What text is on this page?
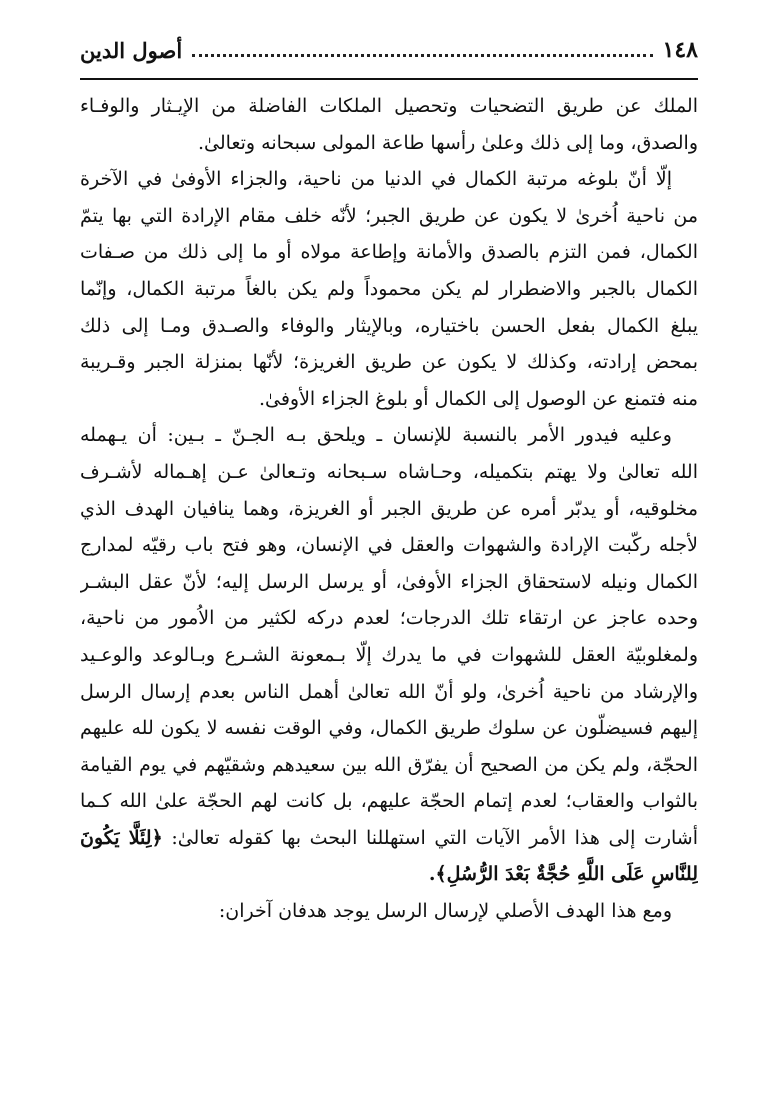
١٤٨
أصول الدين
الملك عن طريق التضحيات وتحصيل الملكات الفاضلة من الإيـثار والوفـاء
والصدق، وما إلى ذلك وعلىٰ رأسها طاعة المولى سبحانه وتعالىٰ.
إلّا أنّ بلوغه مرتبة الكمال في الدنيا من ناحية، والجزاء الأوفىٰ في الآخرة
من ناحية اُخرىٰ لا يكون عن طريق الجبر؛ لأنّه خلف مقام الإرادة التي بها يتمّ
الكمال، فمن التزم بالصدق والأمانة وإطاعة مولاه أو ما إلى ذلك من صـفات
الكمال بالجبر والاضطرار لم يكن محموداً ولم يكن بالغاً مرتبة الكمال، وإنّما
يبلغ الكمال بفعل الحسن باختياره، وبالإيثار والوفاء والصـدق ومـا إلى ذلك
بمحض إرادته، وكذلك لا يكون عن طريق الغريزة؛ لأنّها بمنزلة الجبر وقـريبة
منه فتمنع عن الوصول إلى الكمال أو بلوغ الجزاء الأوفىٰ.
وعليه فيدور الأمر بالنسبة للإنسان ـ ويلحق بـه الجـنّ ـ بـين: أن يـهمله
الله تعالىٰ ولا يهتم بتكميله، وحـاشاه سـبحانه وتـعالىٰ عـن إهـماله لأشـرف
مخلوقيه، أو يدبّر أمره عن طريق الجبر أو الغريزة، وهما ينافيان الهدف الذي
لأجله ركّبت الإرادة والشهوات والعقل في الإنسان، وهو فتح باب رقيّه لمدارج
الكمال ونيله لاستحقاق الجزاء الأوفىٰ، أو يرسل الرسل إليه؛ لأنّ عقل البشـر
وحده عاجز عن ارتقاء تلك الدرجات؛ لعدم دركه لكثير من الاُمور من ناحية،
ولمغلوبيّة العقل للشهوات في ما يدرك إلّا بـمعونة الشـرع وبـالوعد والوعـيد
والإرشاد من ناحية اُخرىٰ، ولو أنّ الله تعالىٰ أهمل الناس بعدم إرسال الرسل
إليهم فسيضلّون عن سلوك طريق الكمال، وفي الوقت نفسه لا يكون لله عليهم
الحجّة، ولم يكن من الصحيح أن يفرّق الله بين سعيدهم وشقيّهم في يوم القيامة
بالثواب والعقاب؛ لعدم إتمام الحجّة عليهم، بل كانت لهم الحجّة علىٰ الله كـما
أشارت إلى هذا الأمر الآيات التي استهللنا البحث بها كقوله تعالىٰ: ﴿لِئَلَّا يَكُونَ
لِلنَّاسِ عَلَى اللَّهِ حُجَّةٌ بَعْدَ الرُّسُلِ﴾.
ومع هذا الهدف الأصلي لإرسال الرسل يوجد هدفان آخران:
